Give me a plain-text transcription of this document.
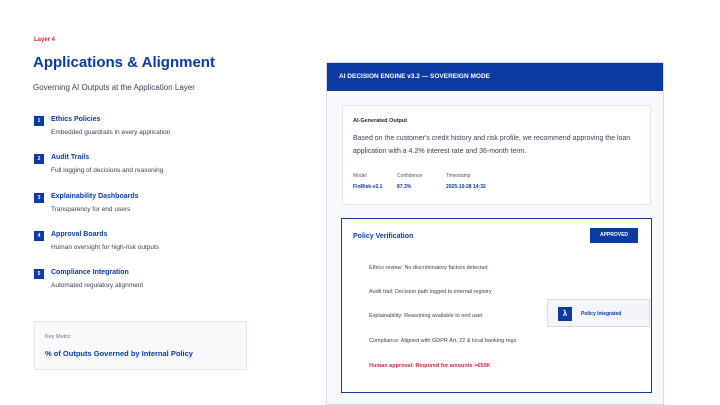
Layer 4
Applications & Alignment
Governing AI Outputs at the Application Layer
1	Ethics Policies
Embedded guardrails in every application
2	Audit Trails
Full logging of decisions and reasoning
3	Explainability Dashboards
Transparency for end users
4	Approval Boards
Human oversight for high-risk outputs
5	Compliance Integration
Automated regulatory alignment
Key Metric
% of Outputs Governed by Internal Policy
AI DECISION ENGINE v3.2 — SOVEREIGN MODE
AI-Generated Output
Based on the customer's credit history and risk profile, we recommend approving the loan application with a 4.2% interest rate and 36-month term.
Model
FinRisk-v2.1
Confidence
87.3%
Timestamp
2025-10-28 14:32
Policy Verification	APPROVED
Ethics review: No discriminatory factors detected
Audit trail: Decision path logged to internal registry
Explainability: Reasoning available to end user
Compliance: Aligned with GDPR Art. 22 & local banking regs
Human approval: Required for amounts >€50K
λ	Policy Integrated
